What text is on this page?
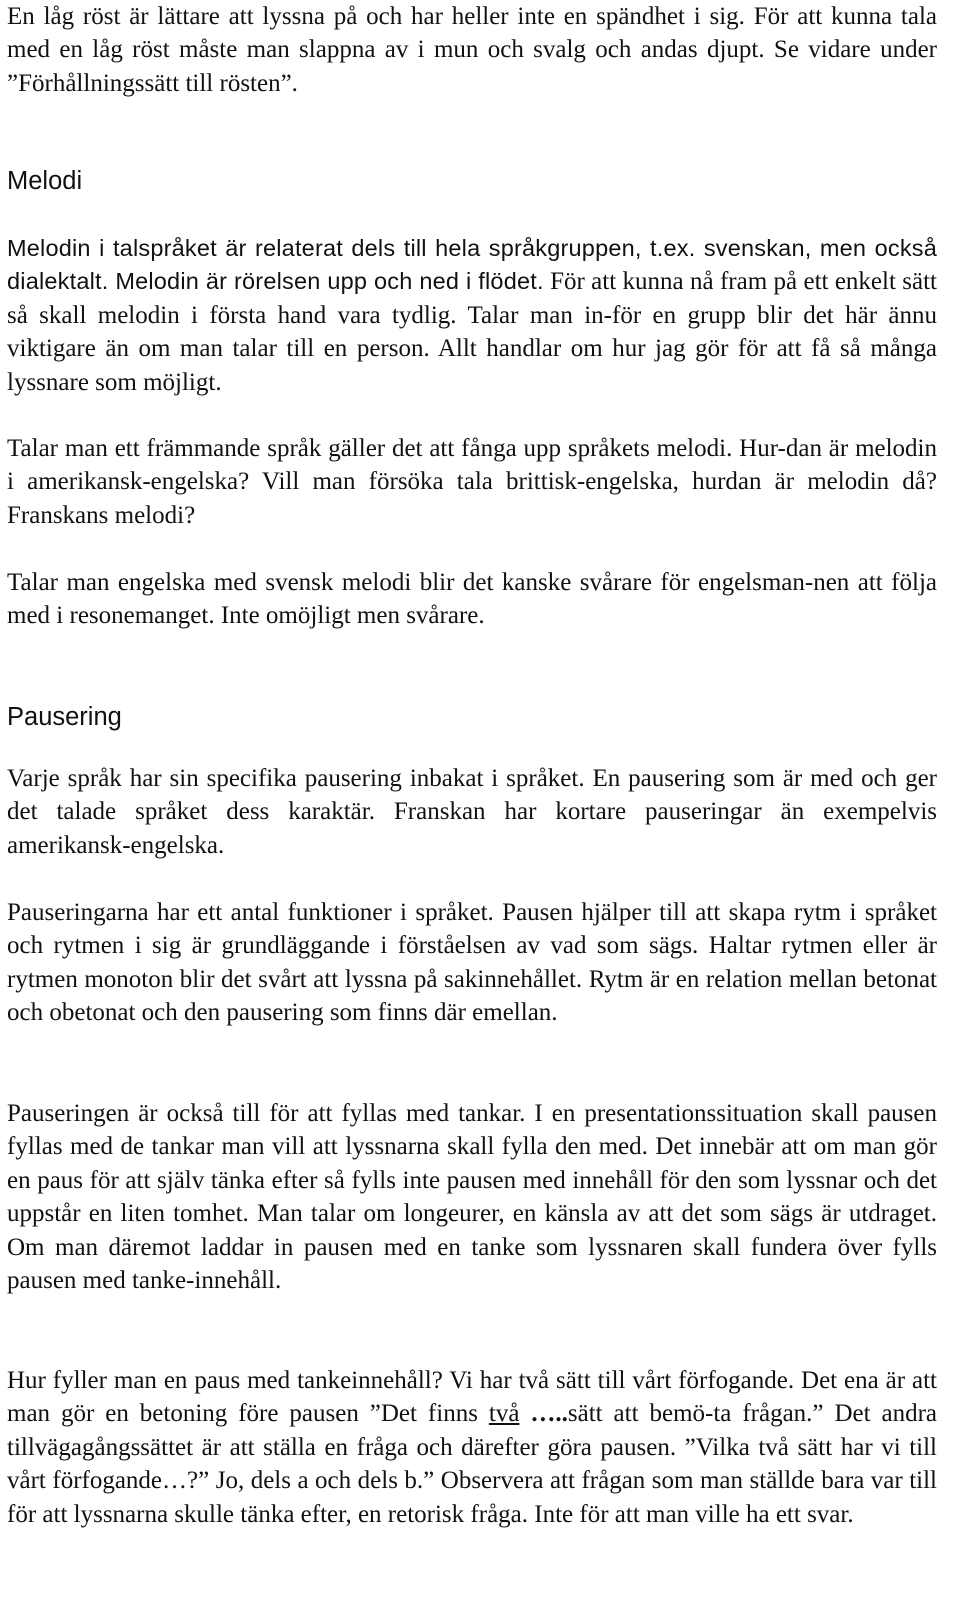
En låg röst är lättare att lyssna på och har heller inte en spändhet i sig. För att kunna tala med en låg röst måste man slappna av i mun och svalg och andas djupt. Se vidare under ”Förhållningssätt till rösten”.

Melodi

Melodin i talspråket är relaterat dels till hela språkgruppen, t.ex. svenskan, men också dialektalt. Melodin är rörelsen upp och ned i flödet. För att kunna nå fram på ett enkelt sätt så skall melodin i första hand vara tydlig. Talar man in-för en grupp blir det här ännu viktigare än om man talar till en person. Allt handlar om hur jag gör för att få så många lyssnare som möjligt.

Talar man ett främmande språk gäller det att fånga upp språkets melodi. Hur-dan är melodin i amerikansk-engelska? Vill man försöka tala brittisk-engelska, hurdan är melodin då? Franskans melodi?

Talar man engelska med svensk melodi blir det kanske svårare för engelsman-nen att följa med i resonemanget. Inte omöjligt men svårare.

Pausering

Varje språk har sin specifika pausering inbakat i språket. En pausering som är med och ger det talade språket dess karaktär. Franskan har kortare pauseringar än exempelvis amerikansk-engelska.

Pauseringarna har ett antal funktioner i språket. Pausen hjälper till att skapa rytm i språket och rytmen i sig är grundläggande i förståelsen av vad som sägs. Haltar rytmen eller är rytmen monoton blir det svårt att lyssna på sakinnehållet. Rytm är en relation mellan betonat och obetonat och den pausering som finns där emellan.

Pauseringen är också till för att fyllas med tankar. I en presentationssituation skall pausen fyllas med de tankar man vill att lyssnarna skall fylla den med. Det innebär att om man gör en paus för att själv tänka efter så fylls inte pausen med innehåll för den som lyssnar och det uppstår en liten tomhet. Man talar om longeurer, en känsla av att det som sägs är utdraget. Om man däremot laddar in pausen med en tanke som lyssnaren skall fundera över fylls pausen med tanke-innehåll.

Hur fyller man en paus med tankeinnehåll? Vi har två sätt till vårt förfogande. Det ena är att man gör en betoning före pausen ”Det finns två …..sätt att bemö-ta frågan.” Det andra tillvägagångssättet är att ställa en fråga och därefter göra pausen. ”Vilka två sätt har vi till vårt förfogande…?” Jo, dels a och dels b.” Observera att frågan som man ställde bara var till för att lyssnarna skulle tänka efter, en retorisk fråga. Inte för att man ville ha ett svar.
